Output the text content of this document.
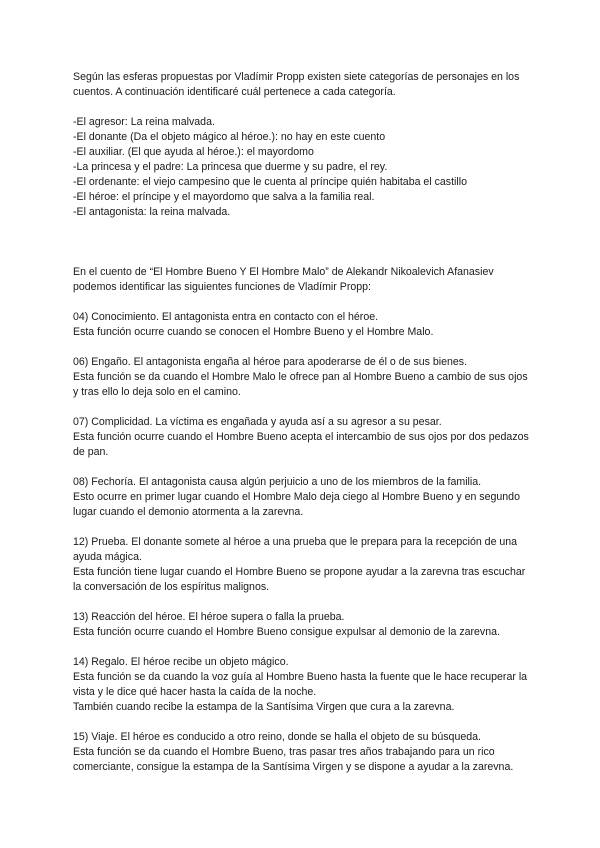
Según las esferas propuestas por Vladímir Propp existen siete categorías de personajes en los cuentos. A continuación identificaré cuál pertenece a cada categoría.

-El agresor: La reina malvada.

-El donante (Da el objeto mágico al héroe.): no hay en este cuento

-El auxiliar. (El que ayuda al héroe.): el mayordomo

-La princesa y el padre: La princesa que duerme y su padre, el rey.

-El ordenante: el viejo campesino que le cuenta al príncipe quién habitaba el castillo

-El héroe: el príncipe y el mayordomo que salva a la familia real.

-El antagonista: la reina malvada.

En el cuento de “El Hombre Bueno Y El Hombre Malo” de Alekandr Nikoalevich Afanasiev podemos identificar las siguientes funciones de Vladímir Propp:

04) Conocimiento. El antagonista entra en contacto con el héroe.

Esta función ocurre cuando se conocen el Hombre Bueno y el Hombre Malo.

06) Engaño. El antagonista engaña al héroe para apoderarse de él o de sus bienes.

Esta función se da cuando el Hombre Malo le ofrece pan al Hombre Bueno a cambio de sus ojos y tras ello lo deja solo en el camino.

07) Complicidad. La víctima es engañada y ayuda así a su agresor a su pesar.

Esta función ocurre cuando el Hombre Bueno acepta el intercambio de sus ojos por dos pedazos de pan.

08) Fechoría. El antagonista causa algún perjuicio a uno de los miembros de la familia.

Esto ocurre en primer lugar cuando el Hombre Malo deja ciego al Hombre Bueno y en segundo lugar cuando el demonio atormenta a la zarevna.

12) Prueba. El donante somete al héroe a una prueba que le prepara para la recepción de una ayuda mágica.

Esta función tiene lugar cuando el Hombre Bueno se propone ayudar a la zarevna tras escuchar la conversación de los espíritus malignos.

13) Reacción del héroe. El héroe supera o falla la prueba.

Esta función ocurre cuando el Hombre Bueno consigue expulsar al demonio de la zarevna.

14) Regalo. El héroe recibe un objeto mágico.

Esta función se da cuando la voz guía al Hombre Bueno hasta la fuente que le hace recuperar la vista y le dice qué hacer hasta la caída de la noche.

También cuando recibe la estampa de la Santísima Virgen que cura a la zarevna.

15) Viaje. El héroe es conducido a otro reino, donde se halla el objeto de su búsqueda.

Esta función se da cuando el Hombre Bueno, tras pasar tres años trabajando para un rico comerciante, consigue la estampa de la Santísima Virgen y se dispone a ayudar a la zarevna.
